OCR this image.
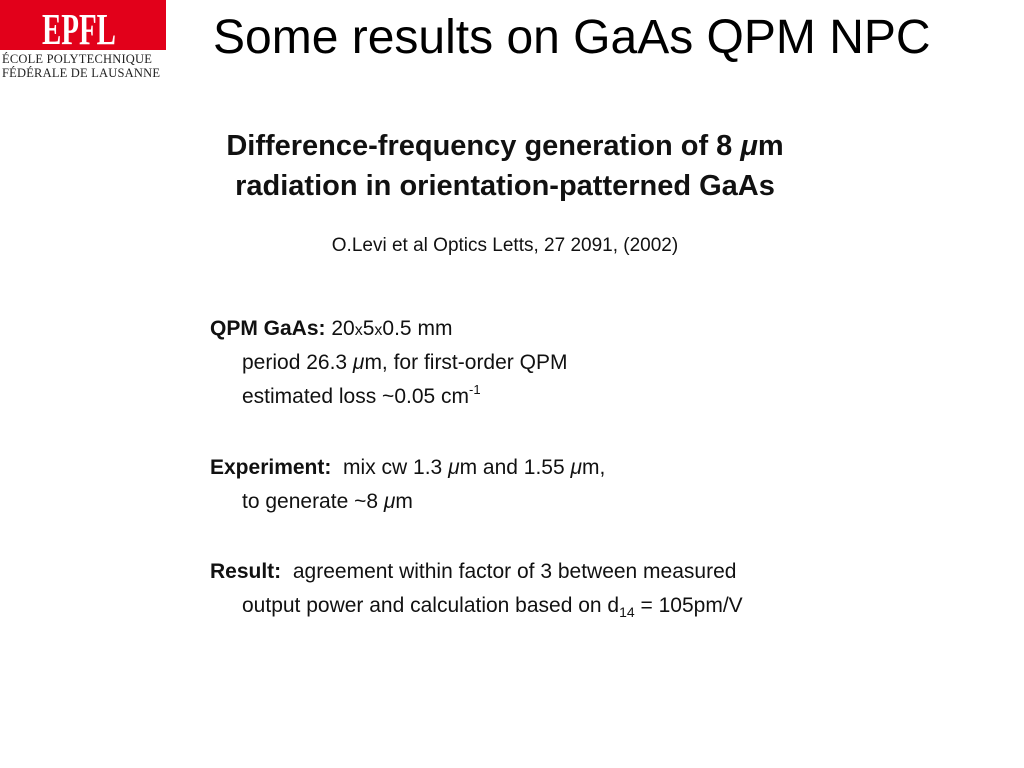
EPFL
ÉCOLE POLYTECHNIQUE
FÉDÉRALE DE LAUSANNE
Some results on GaAs QPM NPC
Difference-frequency generation of 8 μm
radiation in orientation-patterned GaAs
O.Levi et al Optics Letts, 27 2091, (2002)
QPM GaAs: 20x5x0.5 mm
period 26.3 μm, for first-order QPM
estimated loss ~0.05 $cm^{-1}$
Experiment: mix cw 1.3 μm and 1.55 μm,
to generate ~8 μm
Result: agreement within factor of 3 between measured
output power and calculation based on $d_{14} = 105pm/V$
